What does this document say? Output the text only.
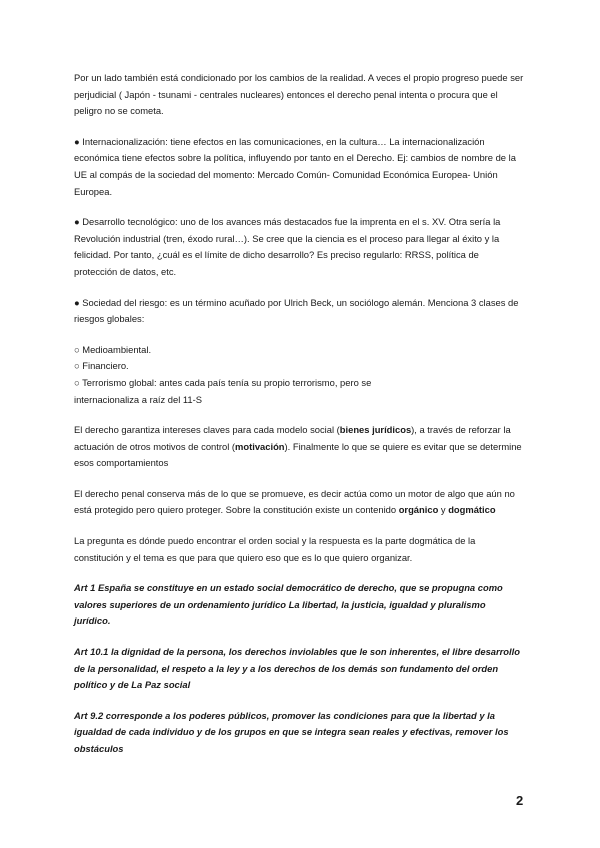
Por un lado también está condicionado por los cambios de la realidad. A veces el propio progreso puede ser perjudicial ( Japón - tsunami - centrales nucleares) entonces el derecho penal intenta o procura que el peligro no se cometa.

● Internacionalización: tiene efectos en las comunicaciones, en la cultura… La internacionalización económica tiene efectos sobre la política, influyendo por tanto en el Derecho. Ej: cambios de nombre de la UE al compás de la sociedad del momento: Mercado Común- Comunidad Económica Europea- Unión Europea.

● Desarrollo tecnológico: uno de los avances más destacados fue la imprenta en el s. XV. Otra sería la Revolución industrial (tren, éxodo rural…). Se cree que la ciencia es el proceso para llegar al éxito y la felicidad. Por tanto, ¿cuál es el límite de dicho desarrollo? Es preciso regularlo: RRSS, política de protección de datos, etc.

● Sociedad del riesgo: es un término acuñado por Ulrich Beck, un sociólogo alemán. Menciona 3 clases de riesgos globales:

○ Medioambiental.
○ Financiero.
○ Terrorismo global: antes cada país tenía su propio terrorismo, pero se
internacionaliza a raíz del 11-S

El derecho garantiza intereses claves para cada modelo social (bienes jurídicos), a través de reforzar la actuación de otros motivos de control (motivación). Finalmente lo que se quiere es evitar que se determine esos comportamientos

El derecho penal conserva más de lo que se promueve, es decir actúa como un motor de algo que aún no está protegido pero quiero proteger. Sobre la constitución existe un contenido orgánico y dogmático

La pregunta es dónde puedo encontrar el orden social y la respuesta es la parte dogmática de la constitución y el tema es que para que quiero eso que es lo que quiero organizar.

Art 1 España se constituye en un estado social democrático de derecho, que se propugna como valores superiores de un ordenamiento jurídico La libertad, la justicia, igualdad y pluralismo jurídico.

Art 10.1 la dignidad de la persona, los derechos inviolables que le son inherentes, el libre desarrollo de la personalidad, el respeto a la ley y a los derechos de los demás son fundamento del orden político y de La Paz social

Art 9.2 corresponde a los poderes públicos, promover las condiciones para que la libertad y la igualdad de cada individuo y de los grupos en que se integra sean reales y efectivas, remover los obstáculos

2
